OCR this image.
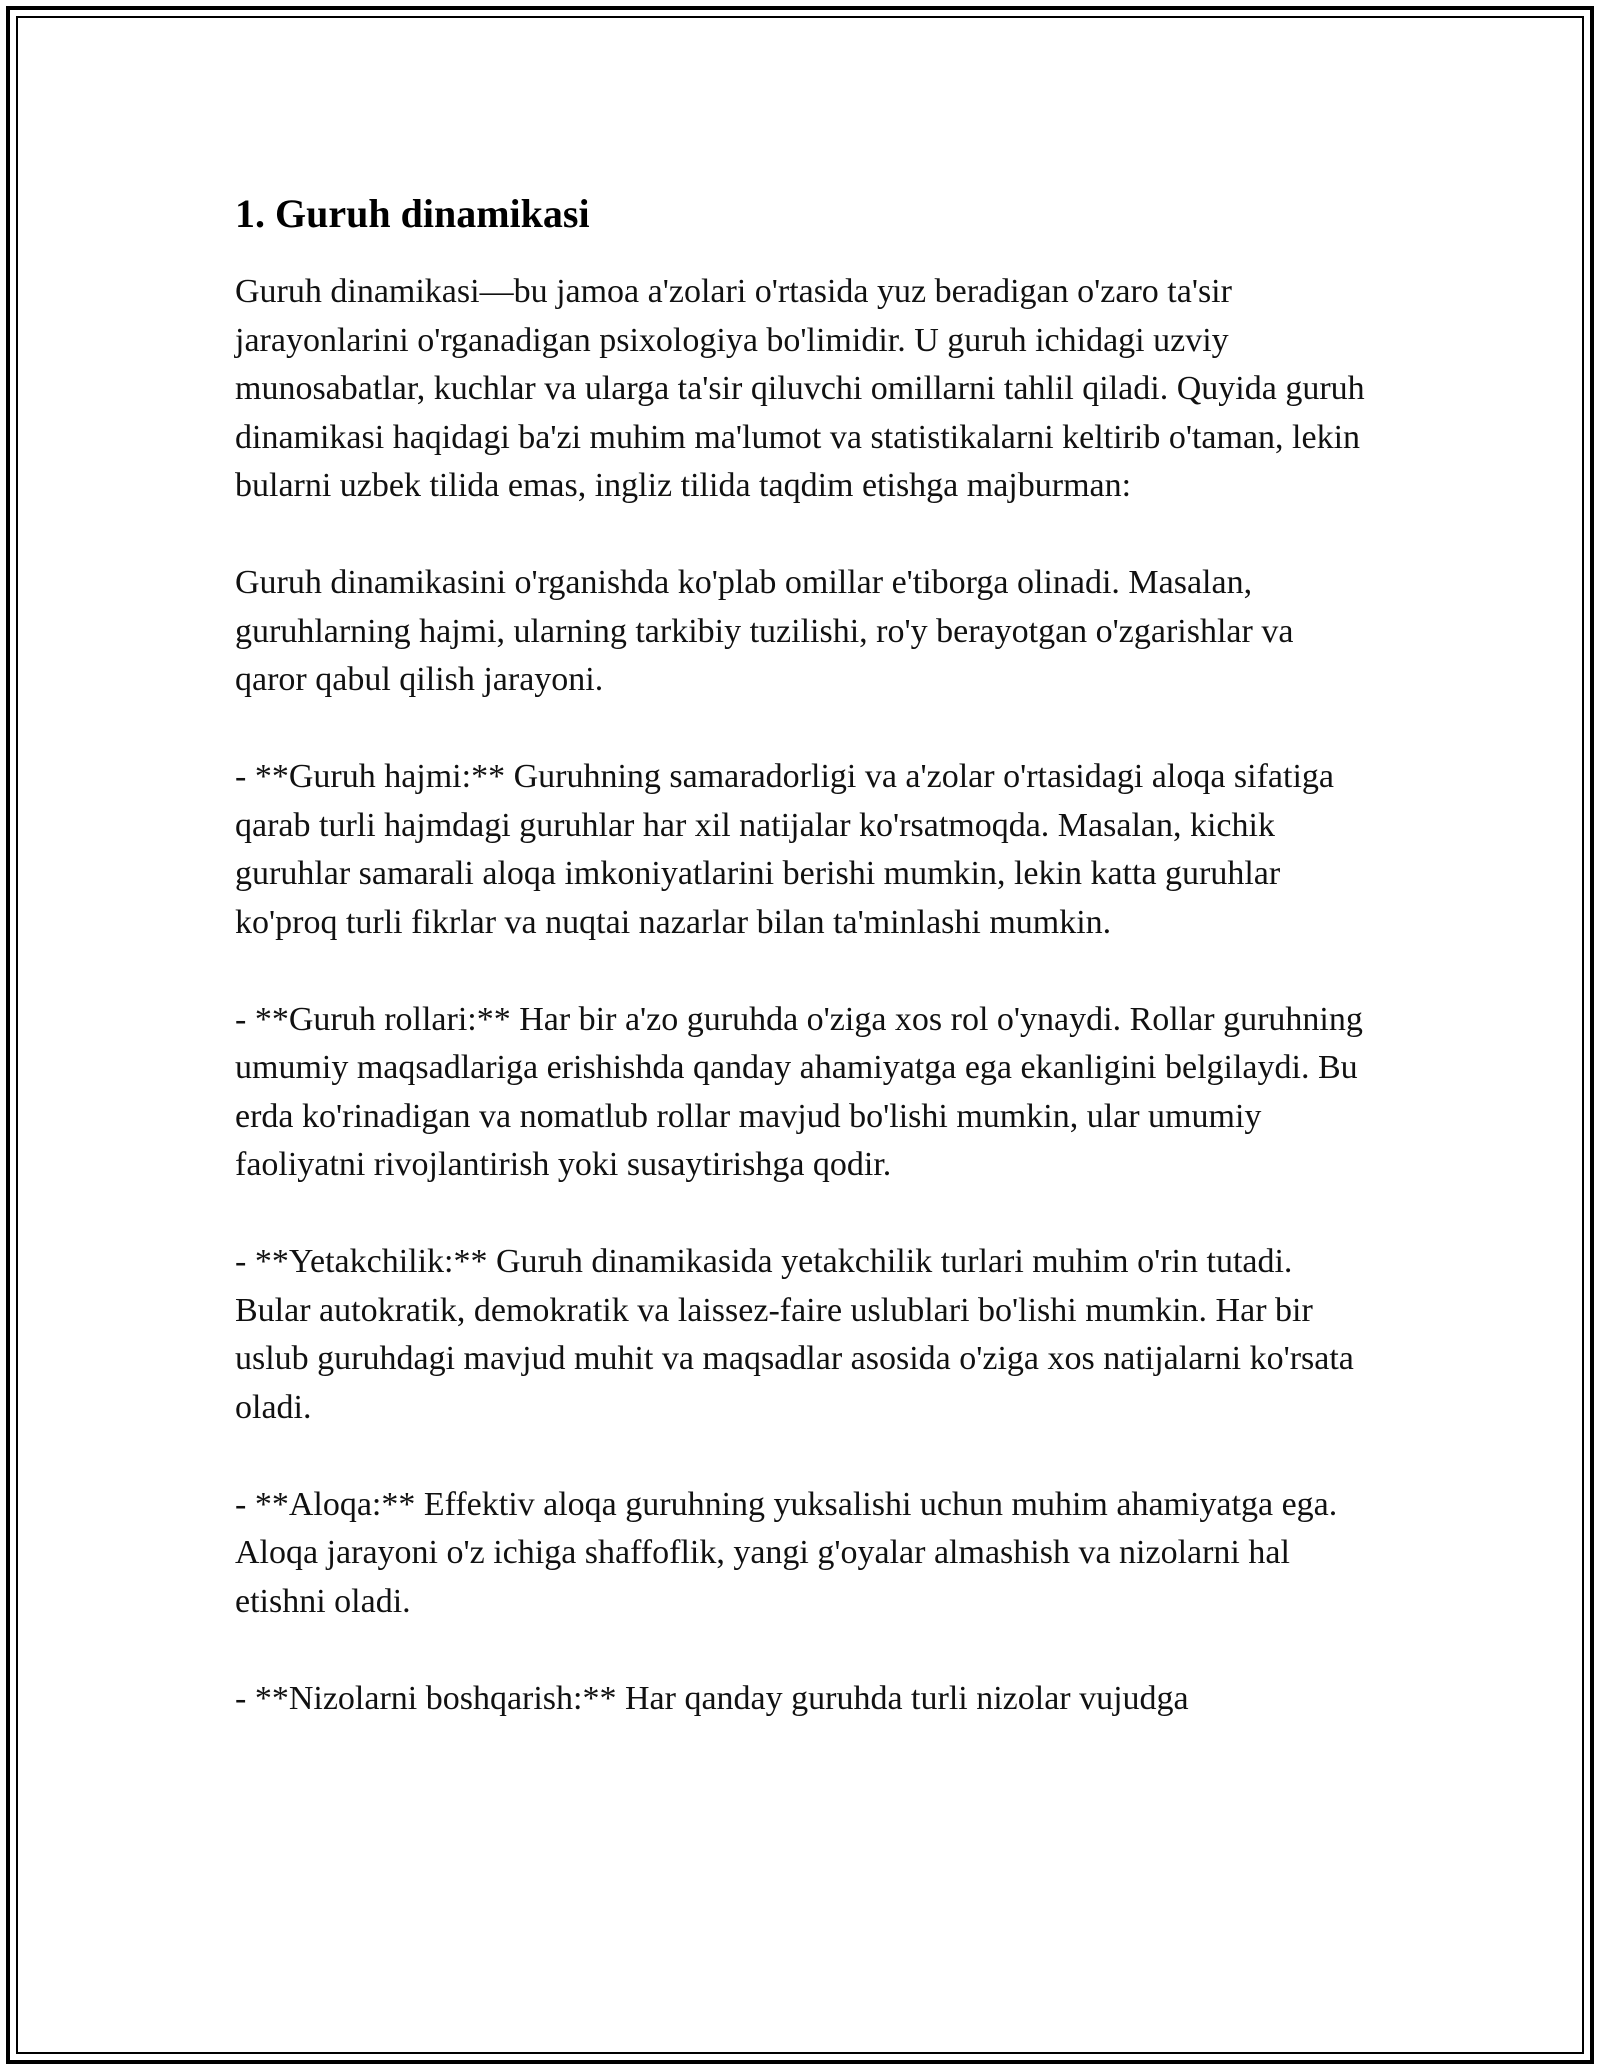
1. Guruh dinamikasi

Guruh dinamikasi—bu jamoa a'zolari o'rtasida yuz beradigan o'zaro ta'sir jarayonlarini o'rganadigan psixologiya bo'limidir. U guruh ichidagi uzviy munosabatlar, kuchlar va ularga ta'sir qiluvchi omillarni tahlil qiladi. Quyida guruh dinamikasi haqidagi ba'zi muhim ma'lumot va statistikalarni keltirib o'taman, lekin bularni uzbek tilida emas, ingliz tilida taqdim etishga majburman:

Guruh dinamikasini o'rganishda ko'plab omillar e'tiborga olinadi. Masalan, guruhlarning hajmi, ularning tarkibiy tuzilishi, ro'y berayotgan o'zgarishlar va qaror qabul qilish jarayoni.

- **Guruh hajmi:** Guruhning samaradorligi va a'zolar o'rtasidagi aloqa sifatiga qarab turli hajmdagi guruhlar har xil natijalar ko'rsatmoqda. Masalan, kichik guruhlar samarali aloqa imkoniyatlarini berishi mumkin, lekin katta guruhlar ko'proq turli fikrlar va nuqtai nazarlar bilan ta'minlashi mumkin.

- **Guruh rollari:** Har bir a'zo guruhda o'ziga xos rol o'ynaydi. Rollar guruhning umumiy maqsadlariga erishishda qanday ahamiyatga ega ekanligini belgilaydi. Bu erda ko'rinadigan va nomatlub rollar mavjud bo'lishi mumkin, ular umumiy faoliyatni rivojlantirish yoki susaytirishga qodir.

- **Yetakchilik:** Guruh dinamikasida yetakchilik turlari muhim o'rin tutadi. Bular autokratik, demokratik va laissez-faire uslublari bo'lishi mumkin. Har bir uslub guruhdagi mavjud muhit va maqsadlar asosida o'ziga xos natijalarni ko'rsata oladi.

- **Aloqa:** Effektiv aloqa guruhning yuksalishi uchun muhim ahamiyatga ega. Aloqa jarayoni o'z ichiga shaffoflik, yangi g'oyalar almashish va nizolarni hal etishni oladi.

- **Nizolarni boshqarish:** Har qanday guruhda turli nizolar vujudga
